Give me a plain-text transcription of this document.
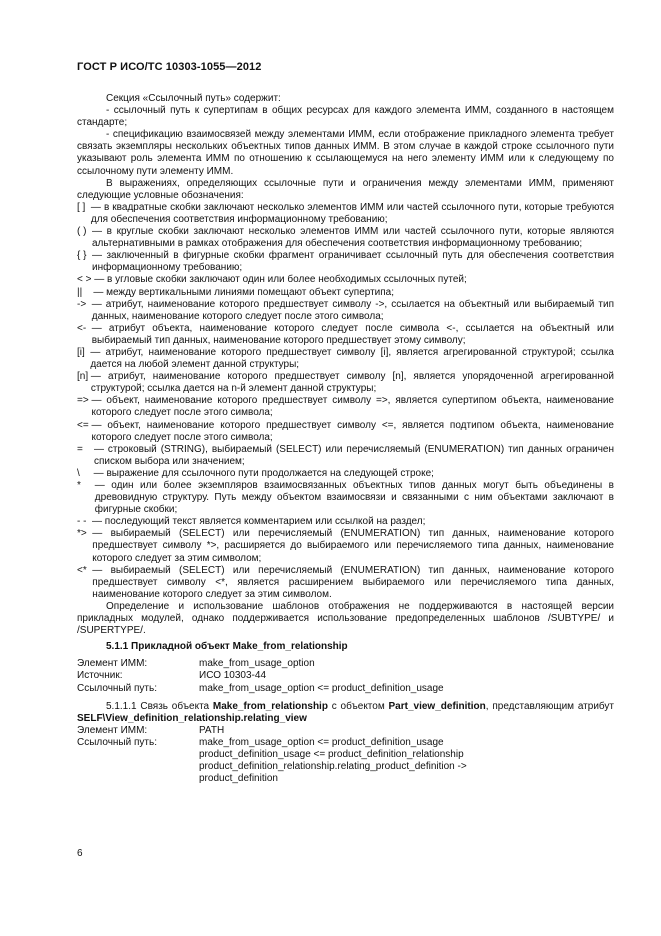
ГОСТ Р ИСО/ТС 10303-1055—2012

Секция «Ссылочный путь» содержит:

- ссылочный путь к супертипам в общих ресурсах для каждого элемента ИММ, созданного в настоящем стандарте;

- спецификацию взаимосвязей между элементами ИММ, если отображение прикладного элемента требует связать экземпляры нескольких объектных типов данных ИММ. В этом случае в каждой строке ссылочного пути указывают роль элемента ИММ по отношению к ссылающемуся на него элементу ИММ или к следующему по ссылочному пути элементу ИММ.

В выражениях, определяющих ссылочные пути и ограничения между элементами ИММ, применяют следующие условные обозначения:

[ ] — в квадратные скобки заключают несколько элементов ИММ или частей ссылочного пути, которые требуются для обеспечения соответствия информационному требованию;
( ) — в круглые скобки заключают несколько элементов ИММ или частей ссылочного пути, которые являются альтернативными в рамках отображения для обеспечения соответствия информационному требованию;
{ } — заключенный в фигурные скобки фрагмент ограничивает ссылочный путь для обеспечения соответствия информационному требованию;
< > — в угловые скобки заключают один или более необходимых ссылочных путей;
|| — между вертикальными линиями помещают объект супертипа;
-> — атрибут, наименование которого предшествует символу ->, ссылается на объектный или выбираемый тип данных, наименование которого следует после этого символа;
<- — атрибут объекта, наименование которого следует после символа <-, ссылается на объектный или выбираемый тип данных, наименование которого предшествует этому символу;
[i] — атрибут, наименование которого предшествует символу [i], является агрегированной структурой; ссылка дается на любой элемент данной структуры;
[n] — атрибут, наименование которого предшествует символу [n], является упорядоченной агрегированной структурой; ссылка дается на n-й элемент данной структуры;
=> — объект, наименование которого предшествует символу =>, является супертипом объекта, наименование которого следует после этого символа;
<= — объект, наименование которого предшествует символу <=, является подтипом объекта, наименование которого следует после этого символа;
= — строковый (STRING), выбираемый (SELECT) или перечисляемый (ENUMERATION) тип данных ограничен списком выбора или значением;
\ — выражение для ссылочного пути продолжается на следующей строке;
* — один или более экземпляров взаимосвязанных объектных типов данных могут быть объединены в древовидную структуру. Путь между объектом взаимосвязи и связанными с ним объектами заключают в фигурные скобки;
- - — последующий текст является комментарием или ссылкой на раздел;
*> — выбираемый (SELECT) или перечисляемый (ENUMERATION) тип данных, наименование которого предшествует символу *>, расширяется до выбираемого или перечисляемого типа данных, наименование которого следует за этим символом;
<* — выбираемый (SELECT) или перечисляемый (ENUMERATION) тип данных, наименование которого предшествует символу <*, является расширением выбираемого или перечисляемого типа данных, наименование которого следует за этим символом.

Определение и использование шаблонов отображения не поддерживаются в настоящей версии прикладных модулей, однако поддерживается использование предопределенных шаблонов /SUBTYPE/ и /SUPERTYPE/.

5.1.1 Прикладной объект Make_from_relationship
Элемент ИММ:	make_from_usage_option
Источник:	ИСО 10303-44
Ссылочный путь:	make_from_usage_option <= product_definition_usage

5.1.1.1 Связь объекта Make_from_relationship с объектом Part_view_definition, представляющим атрибут SELF\View_definition_relationship.relating_view

Элемент ИММ:	PATH
Ссылочный путь:	make_from_usage_option <= product_definition_usage
product_definition_usage <= product_definition_relationship
product_definition_relationship.relating_product_definition ->
product_definition
6
